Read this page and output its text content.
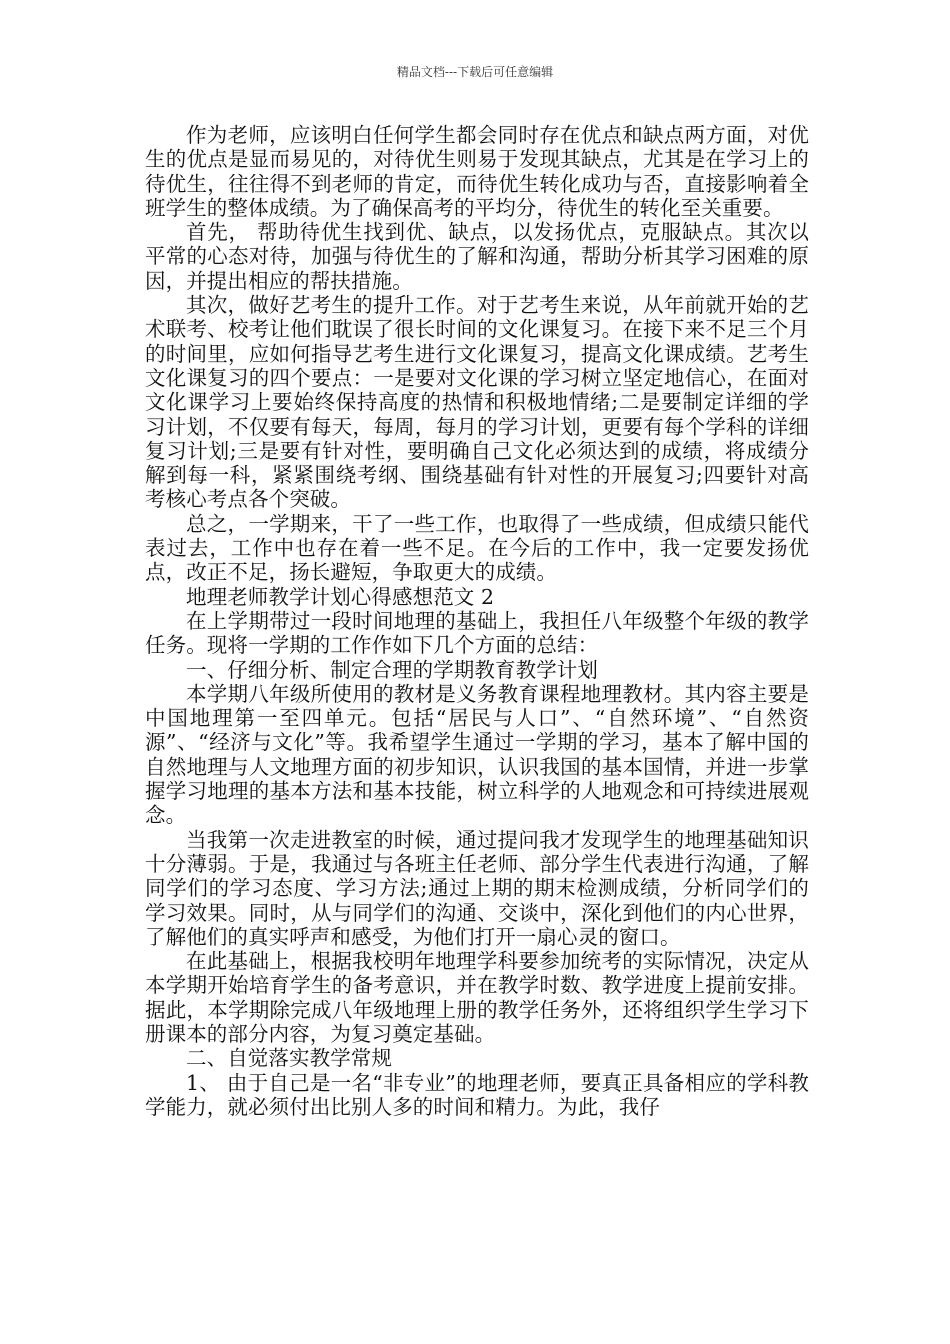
精品文档---下载后可任意编辑

作为老师，应该明白任何学生都会同时存在优点和缺点两方面，对优生的优点是显而易见的，对待优生则易于发现其缺点，尤其是在学习上的待优生，往往得不到老师的肯定，而待优生转化成功与否，直接影响着全班学生的整体成绩。为了确保高考的平均分，待优生的转化至关重要。

首先， 帮助待优生找到优、缺点，以发扬优点，克服缺点。其次以平常的心态对待，加强与待优生的了解和沟通，帮助分析其学习困难的原因，并提出相应的帮扶措施。

其次，做好艺考生的提升工作。对于艺考生来说，从年前就开始的艺术联考、校考让他们耽误了很长时间的文化课复习。在接下来不足三个月的时间里，应如何指导艺考生进行文化课复习，提高文化课成绩。艺考生文化课复习的四个要点：一是要对文化课的学习树立坚定地信心，在面对文化课学习上要始终保持高度的热情和积极地情绪;二是要制定详细的学习计划，不仅要有每天，每周，每月的学习计划，更要有每个学科的详细复习计划;三是要有针对性，要明确自己文化必须达到的成绩，将成绩分解到每一科，紧紧围绕考纲、围绕基础有针对性的开展复习;四要针对高考核心考点各个突破。

总之，一学期来，干了一些工作，也取得了一些成绩，但成绩只能代表过去，工作中也存在着一些不足。在今后的工作中，我一定要发扬优点，改正不足，扬长避短，争取更大的成绩。

地理老师教学计划心得感想范文 2

在上学期带过一段时间地理的基础上，我担任八年级整个年级的教学任务。现将一学期的工作作如下几个方面的总结：

一、仔细分析、制定合理的学期教育教学计划

本学期八年级所使用的教材是义务教育课程地理教材。其内容主要是中国地理第一至四单元。包括“居民与人口”、“自然环境”、“自然资源”、“经济与文化”等。我希望学生通过一学期的学习，基本了解中国的自然地理与人文地理方面的初步知识，认识我国的基本国情，并进一步掌握学习地理的基本方法和基本技能，树立科学的人地观念和可持续进展观念。

当我第一次走进教室的时候，通过提问我才发现学生的地理基础知识十分薄弱。于是，我通过与各班主任老师、部分学生代表进行沟通，了解同学们的学习态度、学习方法;通过上期的期末检测成绩，分析同学们的学习效果。同时，从与同学们的沟通、交谈中，深化到他们的内心世界，了解他们的真实呼声和感受，为他们打开一扇心灵的窗口。

在此基础上，根据我校明年地理学科要参加统考的实际情况，决定从本学期开始培育学生的备考意识，并在教学时数、教学进度上提前安排。据此，本学期除完成八年级地理上册的教学任务外，还将组织学生学习下册课本的部分内容，为复习奠定基础。

二、自觉落实教学常规

1、 由于自己是一名“非专业”的地理老师，要真正具备相应的学科教学能力，就必须付出比别人多的时间和精力。为此，我仔
